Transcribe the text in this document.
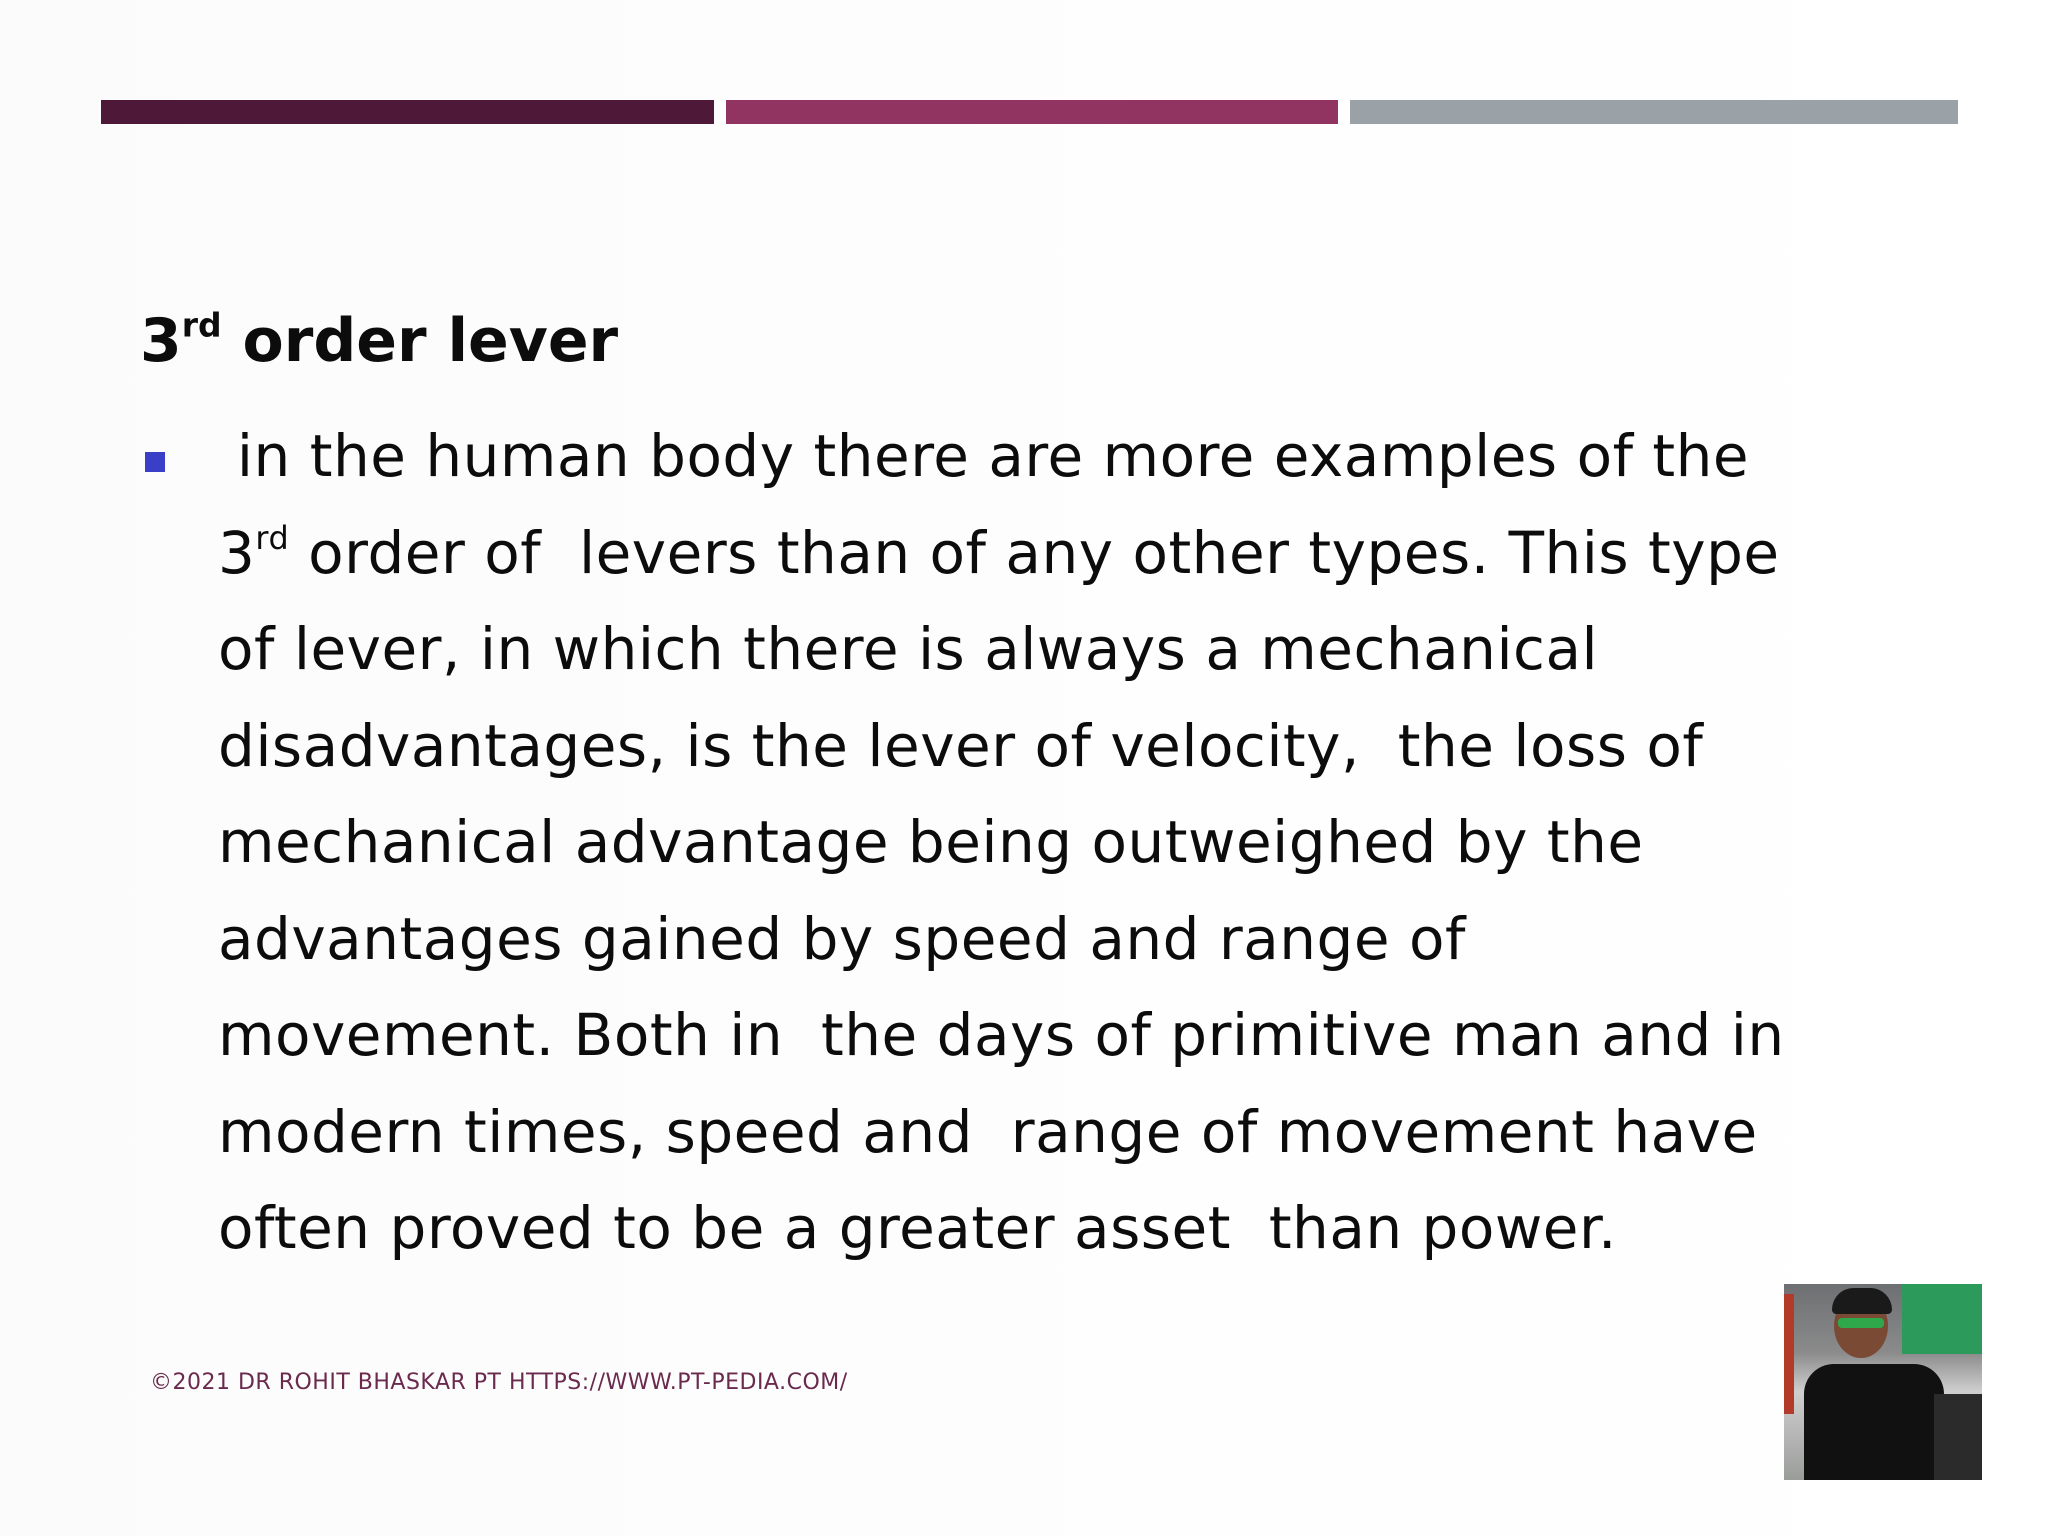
3rd order lever
in the human body there are more examples of the
3rd order of  levers than of any other types. This type
of lever, in which there is always a mechanical
disadvantages, is the lever of velocity,  the loss of
mechanical advantage being outweighed by the
advantages gained by speed and range of
movement. Both in  the days of primitive man and in
modern times, speed and  range of movement have
often proved to be a greater asset  than power.
©2021 DR ROHIT BHASKAR PT HTTPS://WWW.PT-PEDIA.COM/
